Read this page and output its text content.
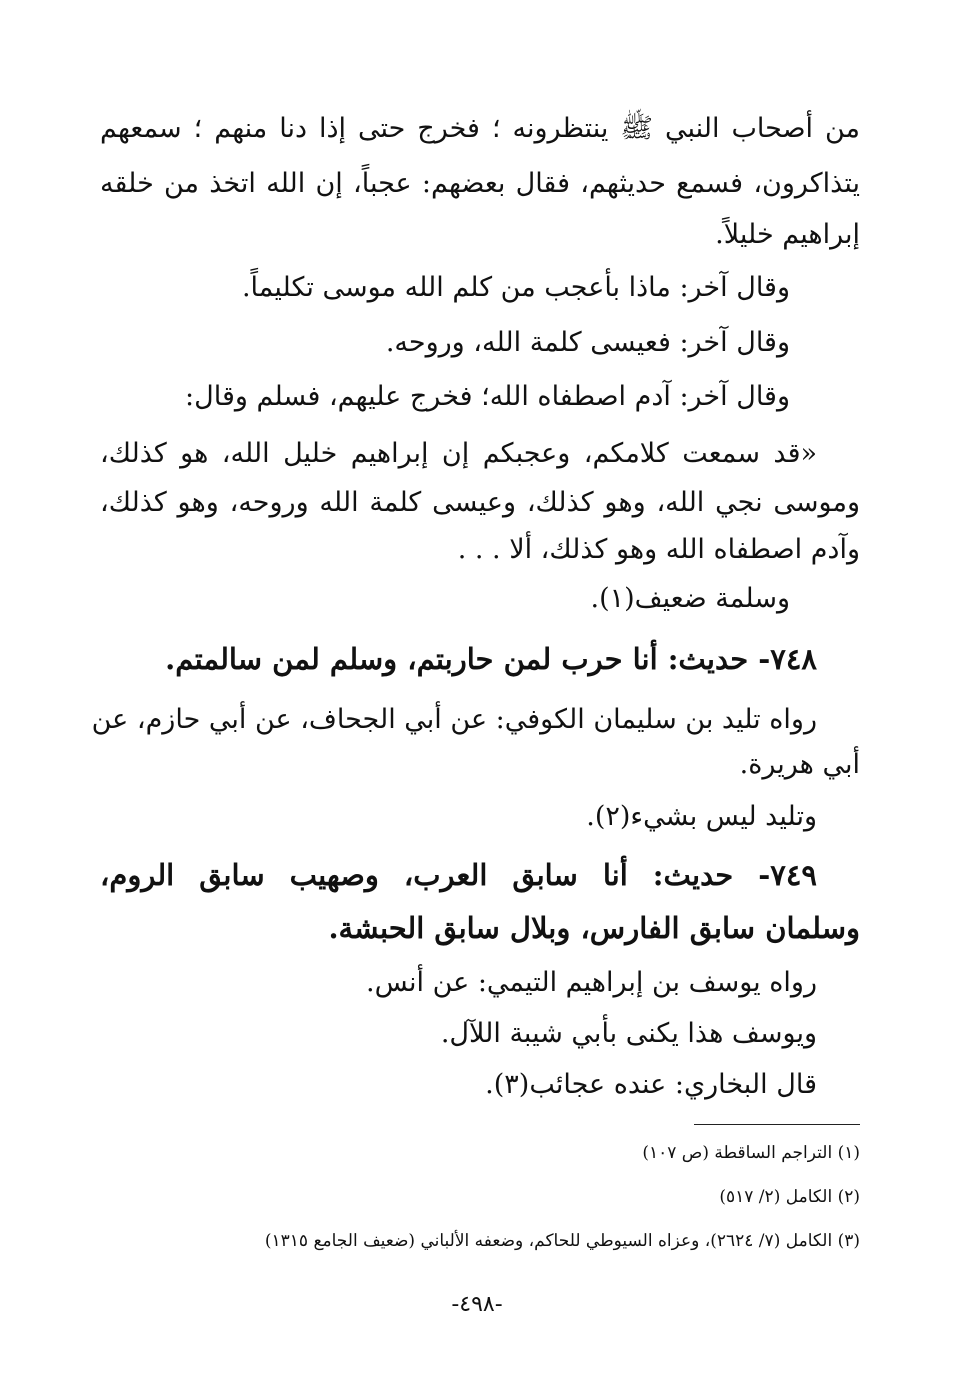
من أصحاب النبي ﷺ ينتظرونه ؛ فخرج حتى إذا دنا منهم ؛ سمعهم

يتذاكرون، فسمع حديثهم، فقال بعضهم: عجباً، إن الله اتخذ من خلقه

إبراهيم خليلاً.

وقال آخر: ماذا بأعجب من كلم الله موسى تكليماً.

وقال آخر: فعيسى كلمة الله، وروحه.

وقال آخر: آدم اصطفاه الله؛ فخرج عليهم، فسلم وقال:

«قد سمعت كلامكم، وعجبكم إن إبراهيم خليل الله، هو كذلك،

وموسى نجي الله، وهو كذلك، وعيسى كلمة الله وروحه، وهو كذلك،

وآدم اصطفاه الله وهو كذلك، ألا . . .

وسلمة ضعيف(١).

٧٤٨- حديث: أنا حرب لمن حاربتم، وسلم لمن سالمتم.

رواه تليد بن سليمان الكوفي: عن أبي الجحاف، عن أبي حازم، عن

أبي هريرة.

وتليد ليس بشيء(٢).

٧٤٩- حديث: أنا سابق العرب، وصهيب سابق الروم،

وسلمان سابق الفارس، وبلال سابق الحبشة.

رواه يوسف بن إبراهيم التيمي: عن أنس.

ويوسف هذا يكنى بأبي شيبة اللآل.

قال البخاري: عنده عجائب(٣).

(١) التراجم الساقطة (ص ١٠٧)

(٢) الكامل (٢/ ٥١٧)

(٣) الكامل (٧/ ٢٦٢٤)، وعزاه السيوطي للحاكم، وضعفه الألباني (ضعيف الجامع ١٣١٥)

-٤٩٨-
